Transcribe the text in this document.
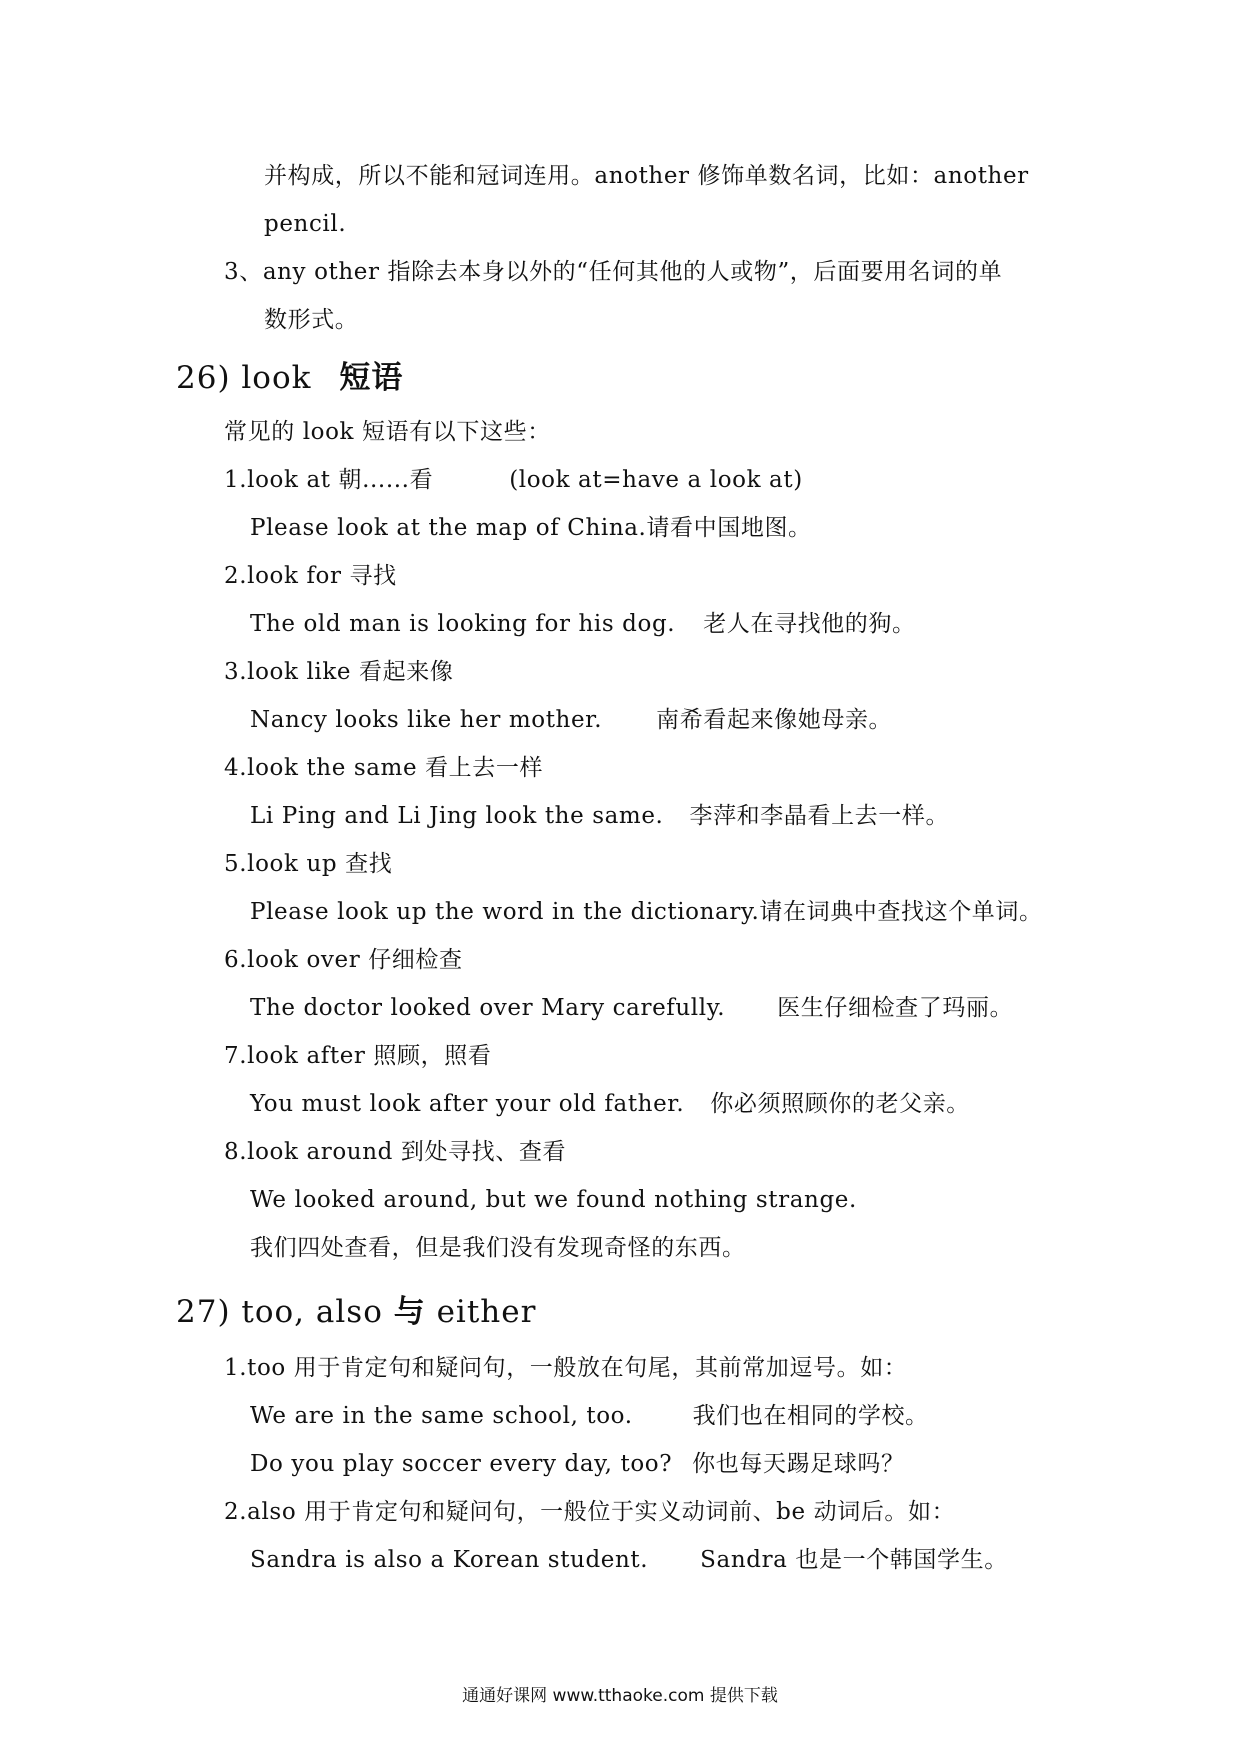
并构成，所以不能和冠词连用。another 修饰单数名词，比如：another
pencil.
3、any other 指除去本身以外的“任何其他的人或物”，后面要用名词的单
数形式。
26) look 短语
常见的 look 短语有以下这些：
1.look at 朝......看	(look at=have a look at)
Please look at the map of China.请看中国地图。
2.look for 寻找
The old man is looking for his dog. 老人在寻找他的狗。
3.look like 看起来像
Nancy looks like her mother. 南希看起来像她母亲。
4.look the same 看上去一样
Li Ping and Li Jing look the same. 李萍和李晶看上去一样。
5.look up 查找
Please look up the word in the dictionary.请在词典中查找这个单词。
6.look over 仔细检查
The doctor looked over Mary carefully. 医生仔细检查了玛丽。
7.look after 照顾，照看
You must look after your old father. 你必须照顾你的老父亲。
8.look around 到处寻找、查看
We looked around, but we found nothing strange.
我们四处查看，但是我们没有发现奇怪的东西。
27) too, also 与 either
1.too 用于肯定句和疑问句，一般放在句尾，其前常加逗号。如：
We are in the same school, too.	我们也在相同的学校。
Do you play soccer every day, too? 你也每天踢足球吗？
2.also 用于肯定句和疑问句，一般位于实义动词前、be 动词后。如：
Sandra is also a Korean student. Sandra 也是一个韩国学生。
通通好课网 www.tthaoke.com 提供下载
